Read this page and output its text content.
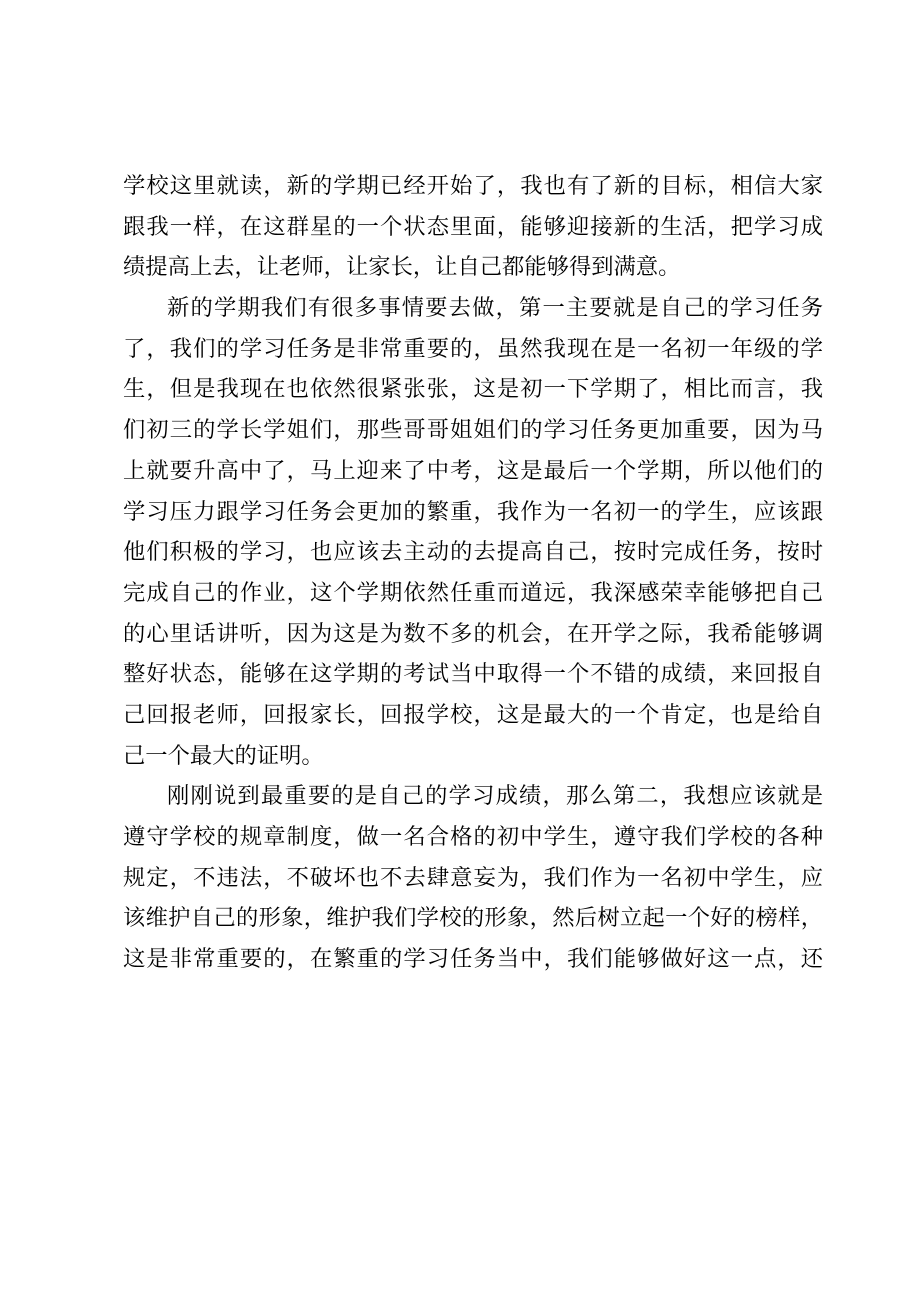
学校这里就读，新的学期已经开始了，我也有了新的目标，相信大家
跟我一样，在这群星的一个状态里面，能够迎接新的生活，把学习成
绩提高上去，让老师，让家长，让自己都能够得到满意。
新的学期我们有很多事情要去做，第一主要就是自己的学习任务
了，我们的学习任务是非常重要的，虽然我现在是一名初一年级的学
生，但是我现在也依然很紧张张，这是初一下学期了，相比而言，我
们初三的学长学姐们，那些哥哥姐姐们的学习任务更加重要，因为马
上就要升高中了，马上迎来了中考，这是最后一个学期，所以他们的
学习压力跟学习任务会更加的繁重，我作为一名初一的学生，应该跟
他们积极的学习，也应该去主动的去提高自己，按时完成任务，按时
完成自己的作业，这个学期依然任重而道远，我深感荣幸能够把自己
的心里话讲听，因为这是为数不多的机会，在开学之际，我希能够调
整好状态，能够在这学期的考试当中取得一个不错的成绩，来回报自
己回报老师，回报家长，回报学校，这是最大的一个肯定，也是给自
己一个最大的证明。
刚刚说到最重要的是自己的学习成绩，那么第二，我想应该就是
遵守学校的规章制度，做一名合格的初中学生，遵守我们学校的各种
规定，不违法，不破坏也不去肆意妄为，我们作为一名初中学生，应
该维护自己的形象，维护我们学校的形象，然后树立起一个好的榜样，
这是非常重要的，在繁重的学习任务当中，我们能够做好这一点，还
